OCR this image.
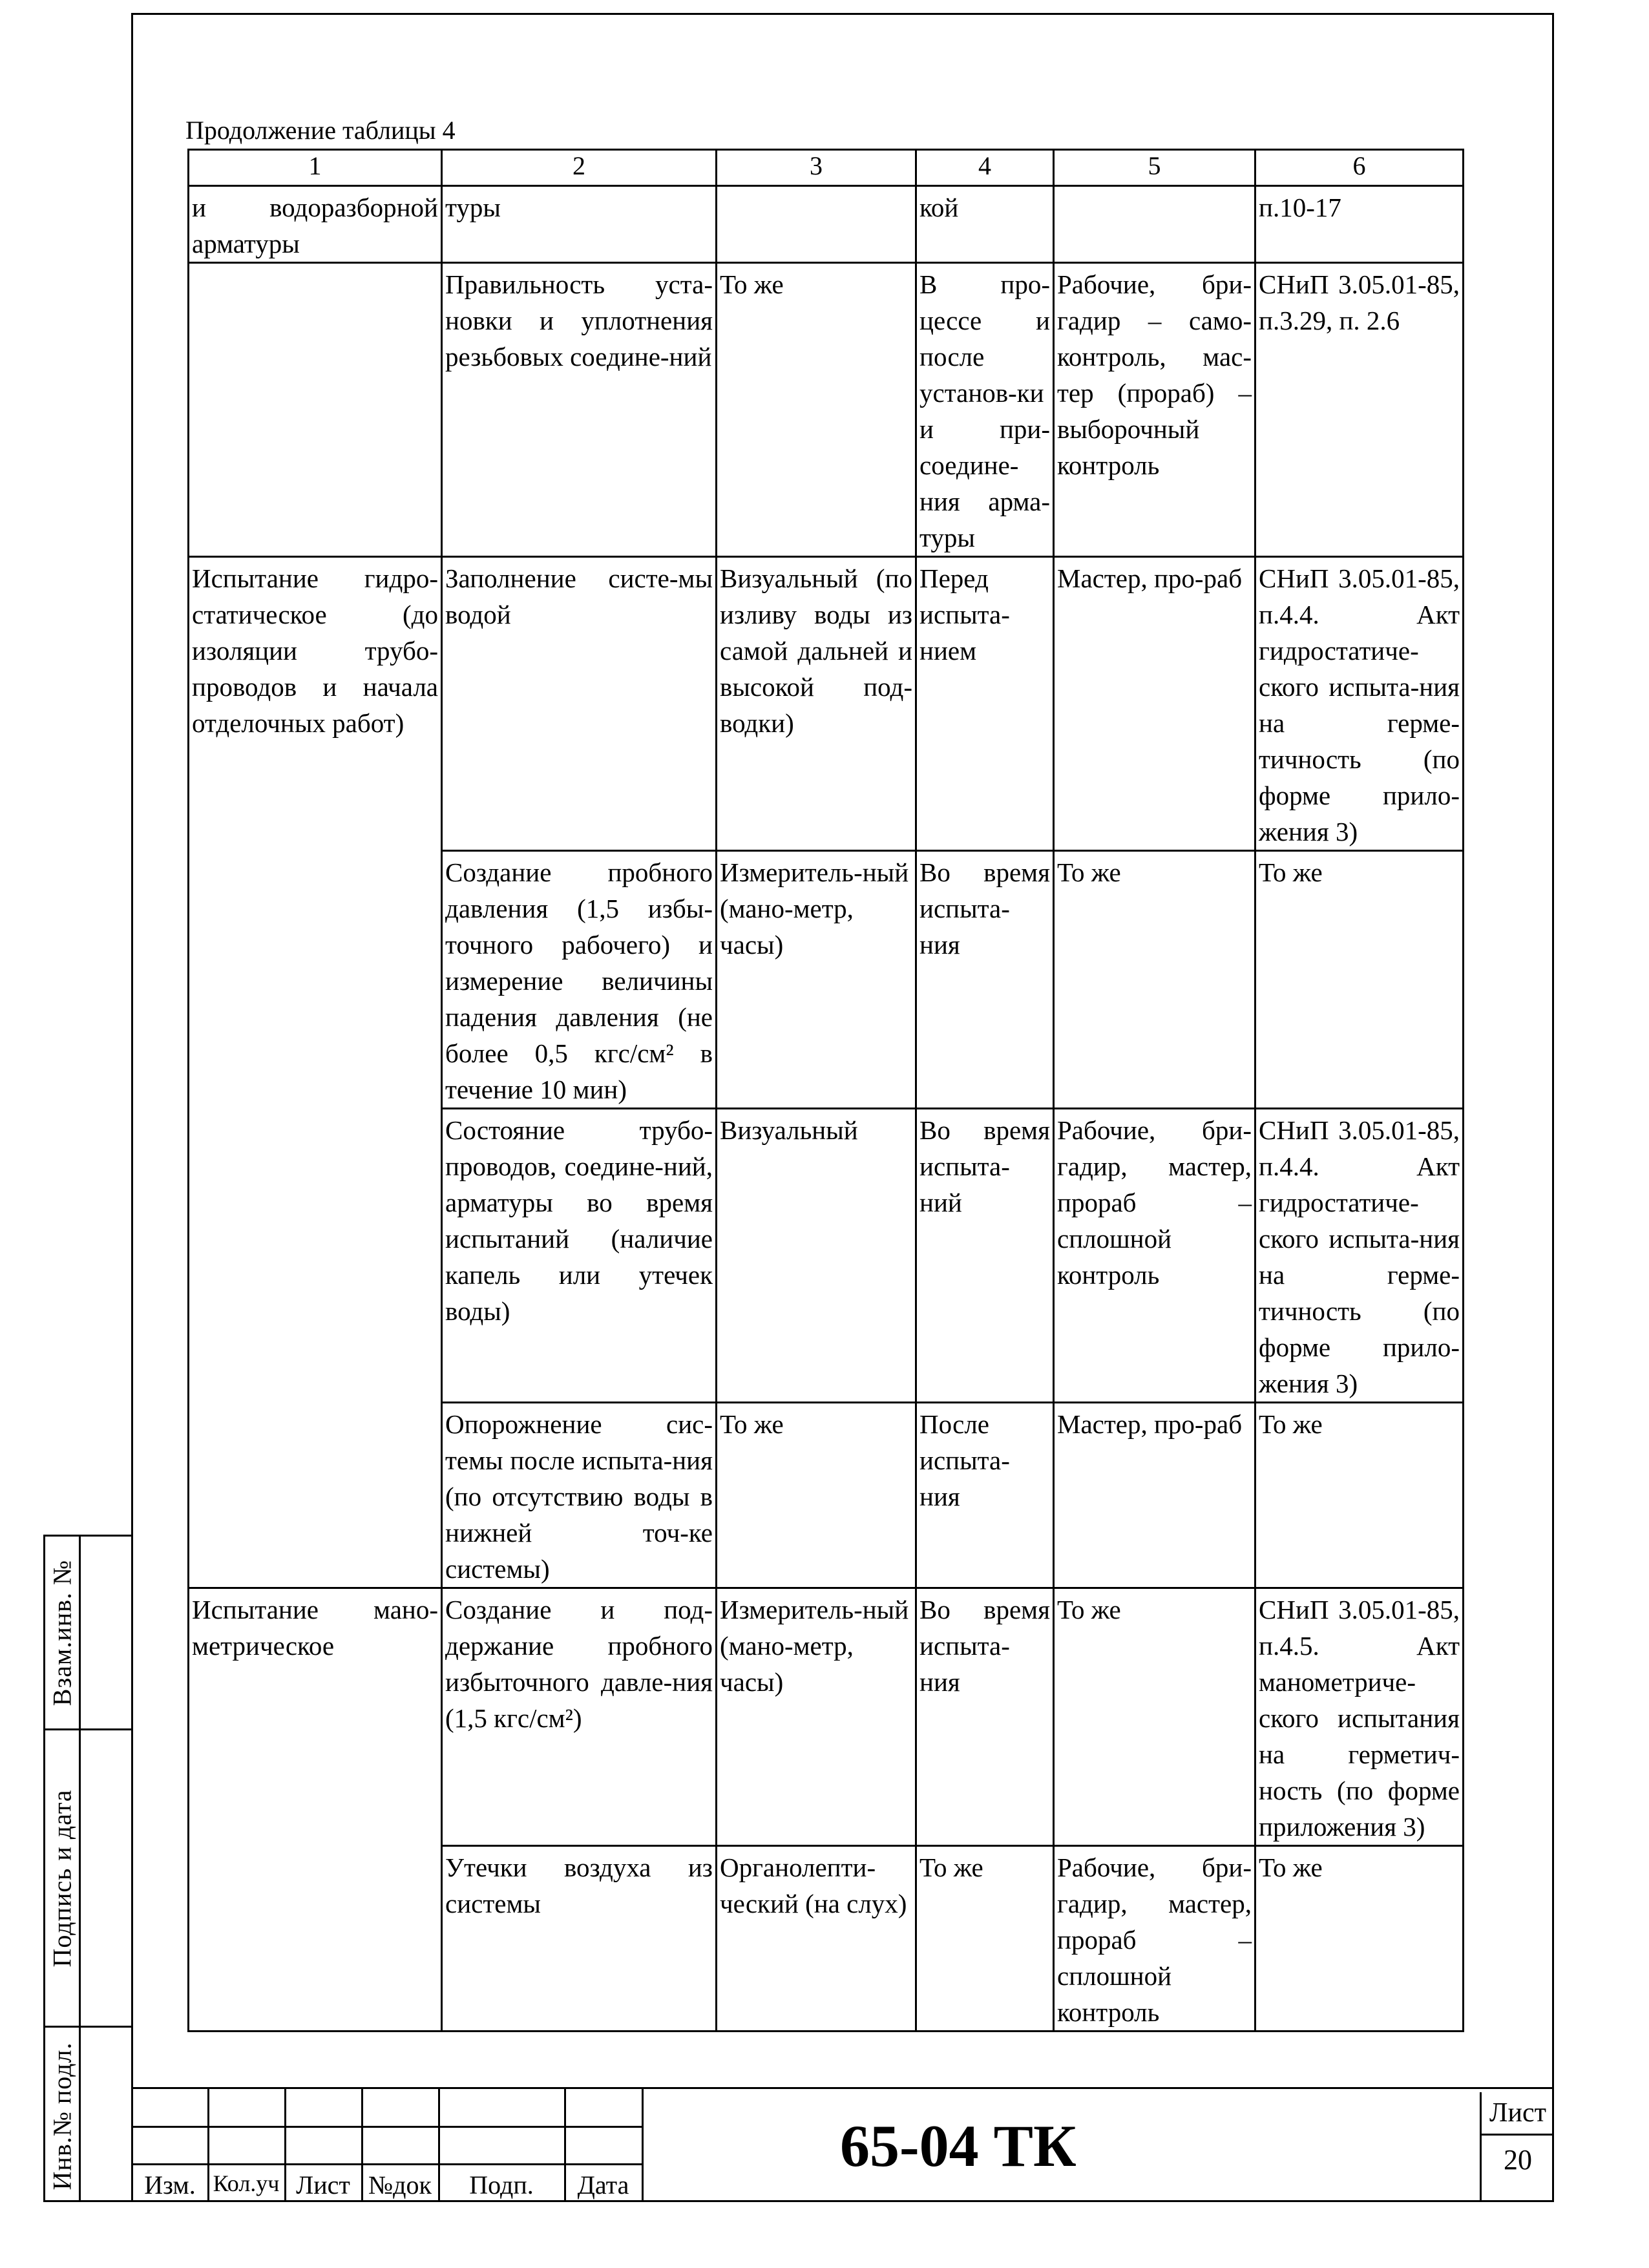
Взам.инв. №
Подпись и дата
Инв.№ подл.
Продолжение таблицы 4
1	2	3	4	5	6
и водоразборной арматуры	туры		кой		п.10-17
	Правильность уста-новки и уплотнения резьбовых соедине-ний	То же	В про-цессе и после установ-ки и при-соедине-ния арма-туры	Рабочие, бри-гадир – само-контроль, мас-тер (прораб) – выборочный контроль	СНиП 3.05.01-85, п.3.29, п. 2.6
Испытание гидро-статическое (до изоляции трубо-проводов и начала отделочных работ)	Заполнение систе-мы водой	Визуальный (по изливу воды из самой дальней и высокой под-водки)	Перед испыта-нием	Мастер, про-раб	СНиП 3.05.01-85, п.4.4. Акт гидростатиче-ского испыта-ния на герме-тичность (по форме прило-жения 3)
	Создание пробного давления (1,5 избы-точного рабочего) и измерение величины падения давления (не более 0,5 кгс/см² в течение 10 мин)	Измеритель-ный (мано-метр, часы)	Во время испыта-ния	То же	То же
	Состояние трубо-проводов, соедине-ний, арматуры во время испытаний (наличие капель или утечек воды)	Визуальный	Во время испыта-ний	Рабочие, бри-гадир, мастер, прораб – сплошной контроль	СНиП 3.05.01-85, п.4.4. Акт гидростатиче-ского испыта-ния на герме-тичность (по форме прило-жения 3)
	Опорожнение сис-темы после испыта-ния (по отсутствию воды в нижней точ-ке системы)	То же	После испыта-ния	Мастер, про-раб	То же
Испытание мано-метрическое	Создание и под-держание пробного избыточного давле-ния (1,5 кгс/см²)	Измеритель-ный (мано-метр, часы)	Во время испыта-ния	То же	СНиП 3.05.01-85, п.4.5. Акт манометриче-ского испытания на герметич-ность (по форме приложения 3)
	Утечки воздуха из системы	Органолепти-ческий (на слух)	То же	Рабочие, бри-гадир, мастер, прораб – сплошной контроль	То же
Изм. Кол.уч Лист №док	Подп.	Дата
65-04 ТК	Лист
20
